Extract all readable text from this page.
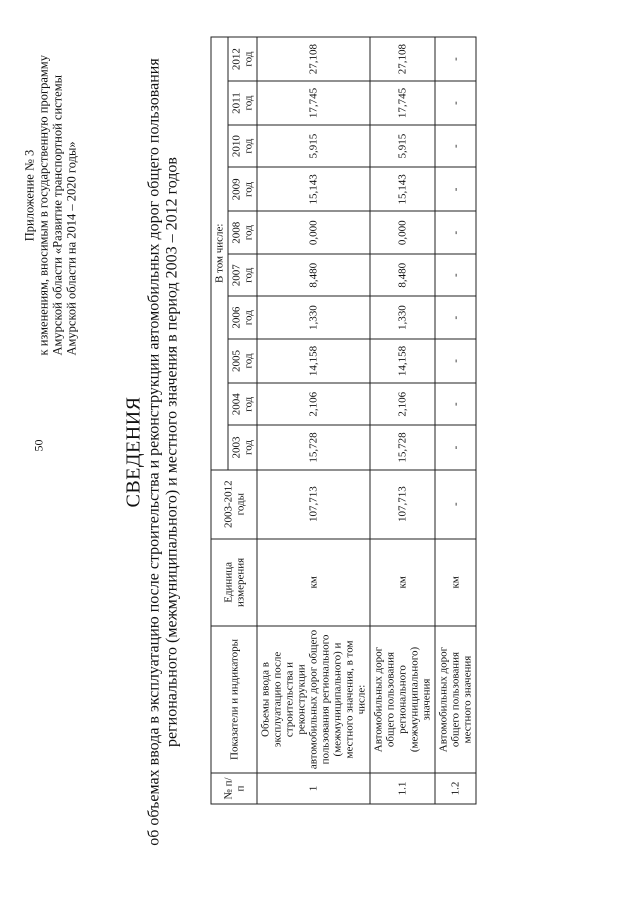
50
Приложение № 3 к изменениям, вносимым в государственную программу Амурской области «Развитие транспортной системы Амурской области на 2014 – 2020 годы»
СВЕДЕНИЯ об объемах ввода в эксплуатацию после строительства и реконструкции автомобильных дорог общего пользования регионального (межмуниципального) и местного значения в период 2003 – 2012 годов
№ п/п	Показатели и индикаторы	Единица измерения	2003-2012 годы	В том числе:									
				2003 год	2004 год	2005 год	2006 год	2007 год	2008 год	2009 год	2010 год	2011 год	2012 год
1	Объемы ввода в эксплуатацию после строительства и реконструкции автомобильных дорог общего пользования регионального (межмуниципального) и местного значения, в том числе:	км	107,713	15,728	2,106	14,158	1,330	8,480	0,000	15,143	5,915	17,745	27,108
1.1	Автомобильных дорог общего пользования регионального (межмуниципального) значения	км	107,713	15,728	2,106	14,158	1,330	8,480	0,000	15,143	5,915	17,745	27,108
1.2	Автомобильных дорог общего пользования местного значения	км	-	-	-	-	-	-	-	-	-	-	-
